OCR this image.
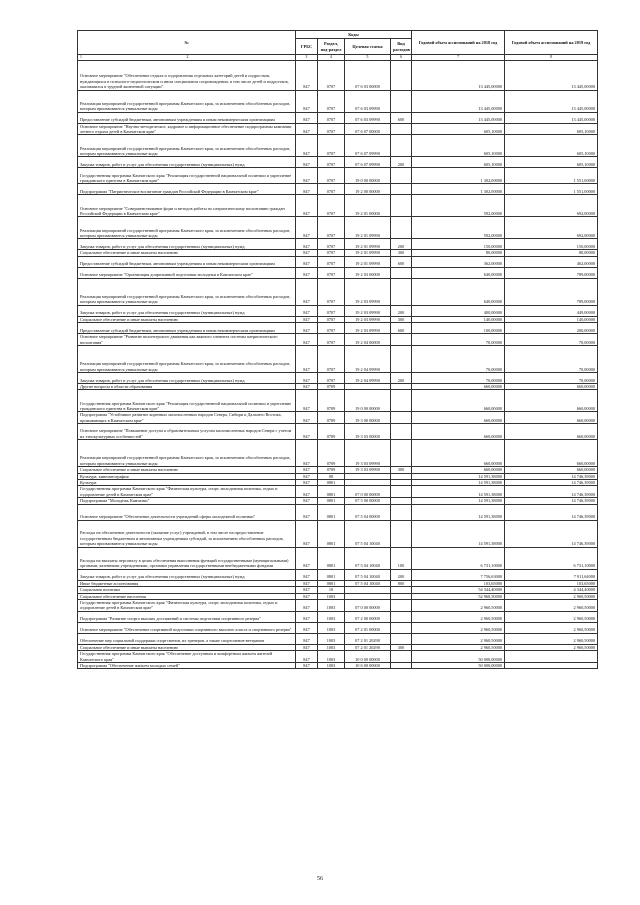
№	Коды				Годовой объем ассигнований на 2018 год	Годовой объем ассигнований на 2019 год
	ГРБС	Раздел, под-раздел	Целевая статья	Вид расходов		

1 2	3	4	5	6	7	8
Основное мероприятие "Обеспечение отдыха и оздоровления отдельных категорий детей и подростков, нуждающихся в психолого-педагогическом и ином специальном сопровождении, в том числе детей и подростков, оказавшихся в трудной жизненной ситуации"	847	0707	07 6 03 00000		13 445,00000	13 445,00000
Реализация мероприятий государственной программы Камчатского края, за исключением обособленных расходов, которым присваиваются уникальные коды	847	0707	07 6 03 09990		13 445,00000	13 445,00000
Предоставление субсидий бюджетным, автономным учреждениям и иным некоммерческим организациям	847	0707	07 6 03 09990	600	13 445,00000	13 445,00000
Основное мероприятие "Научно-методическое, кадровое и информационное обеспечение подпрограммы кампании летнего отдыха детей в Камчатском крае"	847	0707	07 6 07 00000		605,10000	605,10000
Реализация мероприятий государственной программы Камчатского края, за исключением обособленных расходов, которым присваиваются уникальные коды	847	0707	07 6 07 09990		605,10000	605,10000
Закупка товаров, работ и услуг для обеспечения государственных (муниципальных) нужд	847	0707	07 6 07 09990	200	605,10000	605,10000
Государственная программа Камчатского края "Реализация государственной национальной политики и укрепление гражданского единства в Камчатском крае"	847	0707	19 0 00 00000		1 302,00000	1 551,00000
Подпрограмма "Патриотическое воспитание граждан Российской Федерации в Камчатском крае"	847	0707	19 2 00 00000		1 302,00000	1 551,00000
Основное мероприятие "Совершенствование форм и методов работы по патриотическому воспитанию граждан Российской Федерации в Камчатском крае"	847	0707	19 2 01 00000		592,00000	692,00000
Реализация мероприятий государственной программы Камчатского края, за исключением обособленных расходов, которым присваиваются уникальные коды	847	0707	19 2 01 09990		592,00000	692,00000
Закупка товаров, работ и услуг для обеспечения государственных (муниципальных) нужд	847	0707	19 2 01 09990	200	150,00000	150,00000
Социальное обеспечение и иные выплаты населению	847	0707	19 2 01 09990	300	80,00000	80,00000
Предоставление субсидий бюджетным, автономным учреждениям и иным некоммерческим организациям	847	0707	19 2 01 09990	600	362,00000	462,00000
Основное мероприятие "Организация допризывной подготовки молодежи в Камчатском крае"	847	0707	19 2 03 00000		640,00000	789,00000
Реализация мероприятий государственной программы Камчатского края, за исключением обособленных расходов, которым присваиваются уникальные коды	847	0707	19 2 03 09990		640,00000	789,00000
Закупка товаров, работ и услуг для обеспечения государственных (муниципальных) нужд	847	0707	19 2 03 09990	200	400,00000	449,00000
Социальное обеспечение и иные выплаты населению	847	0707	19 2 03 09990	300	140,00000	140,00000
Предоставление субсидий бюджетным, автономным учреждениям и иным некоммерческим организациям	847	0707	19 2 03 09990	600	100,00000	200,00000
Основное мероприятие "Развитие волонтерского движения как важного элемента системы патриотического воспитания"	847	0707	19 2 04 00000		70,00000	70,00000
Реализация мероприятий государственной программы Камчатского края, за исключением обособленных расходов, которым присваиваются уникальные коды	847	0707	19 2 04 09990		70,00000	70,00000
Закупка товаров, работ и услуг для обеспечения государственных (муниципальных) нужд	847	0707	19 2 04 09990	200	70,00000	70,00000
Другие вопросы в области образования	847	0709			660,00000	660,00000
Государственная программа Камчатского края "Реализация государственной национальной политики и укрепление гражданского единства в Камчатском крае"	847	0709	19 0 00 00000		660,00000	660,00000
Подпрограмма "Устойчивое развитие коренных малочисленных народов Севера, Сибири и Дальнего Востока, проживающих в Камчатском крае"	847	0709	19 3 00 00000		660,00000	660,00000
Основное мероприятие "Повышение доступа к образовательным услугам малочисленных народов Севера с учетом их этнокультурных особенностей"	847	0709	19 3 03 00000		660,00000	660,00000
Реализация мероприятий государственной программы Камчатского края, за исключением обособленных расходов, которым присваиваются уникальные коды	847	0709	19 3 03 09990		660,00000	660,00000
Социальное обеспечение и иные выплаты населению	847	0709	19 3 03 09990	300	660,00000	660,00000
Культура, кинематография	847	08			14 591,38000	14 746,39000
Культура	847	0801			14 591,38000	14 746,39000
Государственная программа Камчатского края "Физическая культура, спорт, молодежная политика, отдых и оздоровление детей в Камчатском крае"	847	0801	07 0 00 00000		14 591,38000	14 746,39000
Подпрограмма "Молодежь Камчатки"	847	0801	07 5 00 00000		14 591,38000	14 746,39000
Основное мероприятие "Обеспечение деятельности учреждений сферы молодежной политики"	847	0801	07 5 04 00000		14 591,38000	14 746,39000
Расходы на обеспечение деятельности (оказание услуг) учреждений, в том числе на предоставление государственным бюджетным и автономным учреждениям субсидий, за исключением обособленных расходов, которым присваиваются уникальные коды	847	0801	07 5 04 10040		14 591,38000	14 746,39000
Расходы на выплаты персоналу в целях обеспечения выполнения функций государственными (муниципальными) органами, казенными учреждениями, органами управления государственными внебюджетными фондами	847	0801	07 5 04 10040	100	6 731,10000	6 731,10000
Закупка товаров, работ и услуг для обеспечения государственных (муниципальных) нужд	847	0801	07 5 04 10040	200	7 756,63000	7 911,64000
Иные бюджетные ассигнования	847	0801	07 5 04 10040	800	103,65000	103,65000
Социальная политика	847	10			54 344,40000	4 344,40000
Социальное обеспечение населения	847	1003			52 960,50000	2 960,50000
Государственная программа Камчатского края "Физическая культура, спорт, молодежная политика, отдых и оздоровление детей в Камчатском крае"	847	1003	07 0 00 00000		2 960,50000	2 960,50000
Подпрограмма "Развитие спорта высших достижений и системы подготовки спортивного резерва"	847	1003	07 2 00 00000		2 960,50000	2 960,50000
Основное мероприятие "Обеспечение спортивной подготовки спортивного высшего класса и спортивного резерва"	847	1003	07 2 01 00000		2 960,50000	2 960,50000
Обеспечение мер социальной поддержки спортсменов, их тренеров, а также спортсменов-ветеранов	847	1003	07 2 01 20290		2 960,50000	2 960,50000
Социальное обеспечение и иные выплаты населению	847	1003	07 2 01 20290	300	2 960,50000	2 960,50000
Государственная программа Камчатского края "Обеспечение доступным и комфортным жильем жителей Камчатского края"	847	1003	10 0 00 00000		50 000,00000	
Подпрограмма "Обеспечение жильем молодых семей"	847	1003	10 6 00 00000		50 000,00000	
56
